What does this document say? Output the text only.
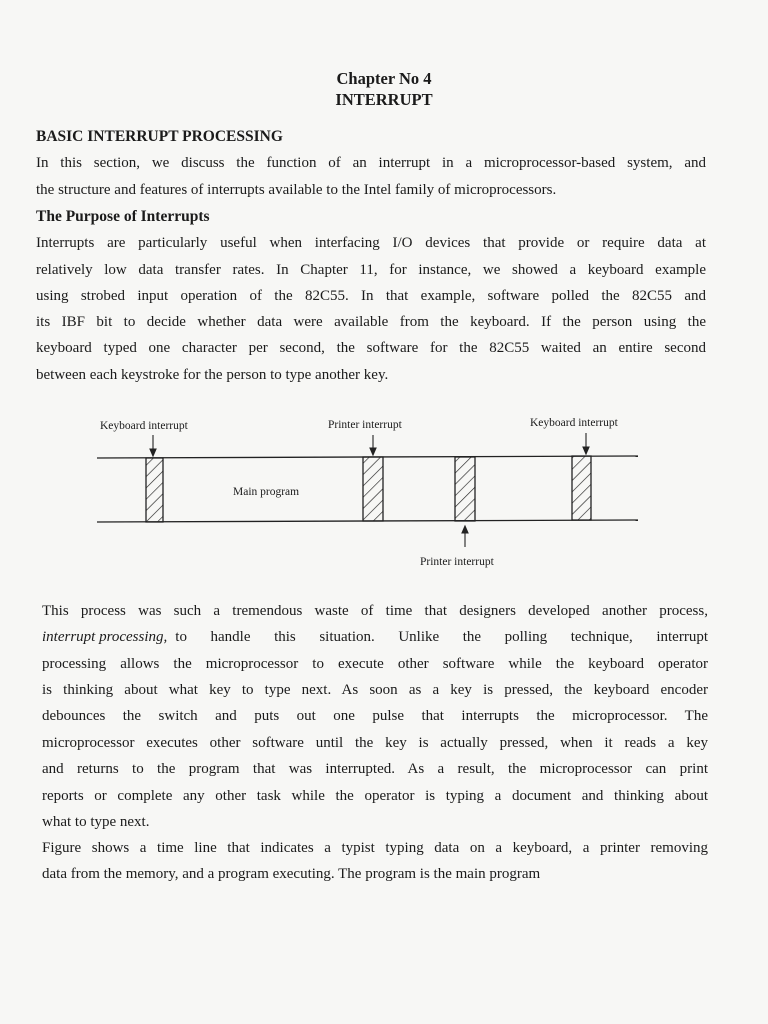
Chapter No 4
INTERRUPT
BASIC INTERRUPT PROCESSING
In this section, we discuss the function of an interrupt in a microprocessor-based system, and
the structure and features of interrupts available to the Intel family of microprocessors.
The Purpose of Interrupts
Interrupts are particularly useful when interfacing I/O devices that provide or require data at
relatively low data transfer rates. In Chapter 11, for instance, we showed a keyboard example
using strobed input operation of the 82C55. In that example, software polled the 82C55 and
its IBF bit to decide whether data were available from the keyboard. If the person using the
keyboard typed one character per second, the software for the 82C55 waited an entire second
between each keystroke for the person to type another key.
Keyboard interrupt	Printer interrupt	Keyboard interrupt
Main program
Printer interrupt
This process was such a tremendous waste of time that designers developed another process,
interrupt processing, to handle this situation. Unlike the polling technique, interrupt
processing allows the microprocessor to execute other software while the keyboard operator
is thinking about what key to type next. As soon as a key is pressed, the keyboard encoder
debounces the switch and puts out one pulse that interrupts the microprocessor. The
microprocessor executes other software until the key is actually pressed, when it reads a key
and returns to the program that was interrupted. As a result, the microprocessor can print
reports or complete any other task while the operator is typing a document and thinking about
what to type next.
Figure shows a time line that indicates a typist typing data on a keyboard, a printer removing
data from the memory, and a program executing. The program is the main program
